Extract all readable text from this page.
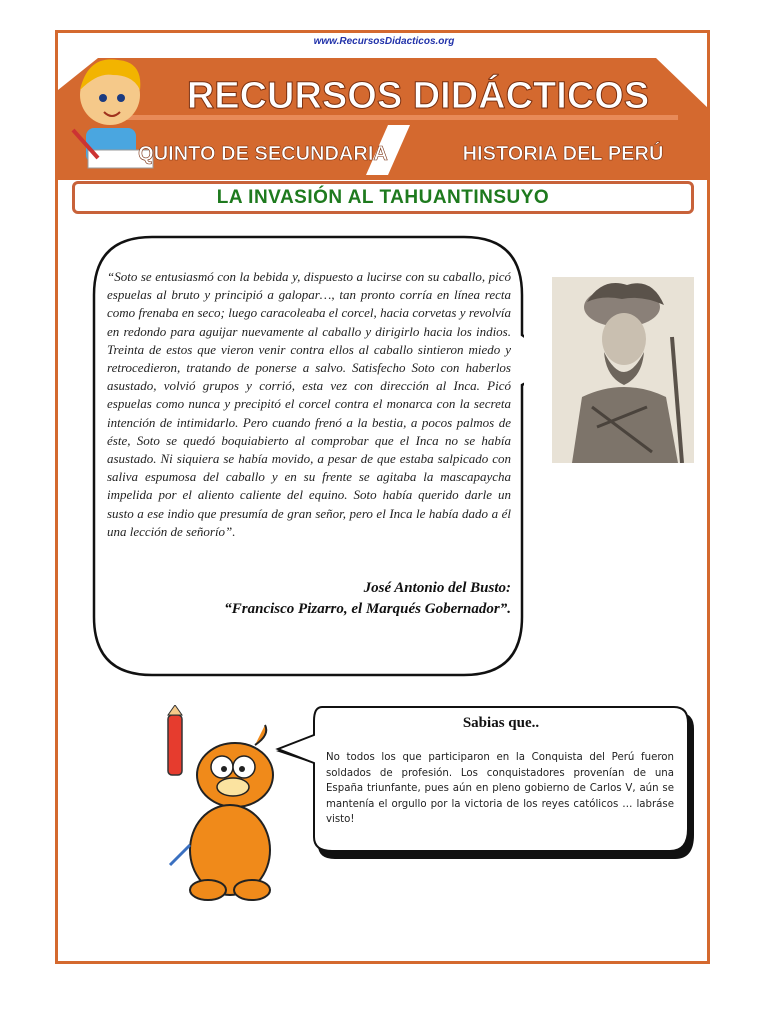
www.RecursosDidacticos.org
RECURSOS DIDÁCTICOS
QUINTO DE SECUNDARIA	HISTORIA DEL PERÚ
LA INVASIÓN AL TAHUANTINSUYO
“Soto se entusiasmó con la bebida y, dispuesto a lucirse con su caballo, picó espuelas al bruto y principió a galopar…, tan pronto corría en línea recta como frenaba en seco; luego caracoleaba el corcel, hacia corvetas y revolvía en redondo para aguijar nuevamente al caballo y dirigirlo hacia los indios. Treinta de estos que vieron venir contra ellos al caballo sintieron miedo y retrocedieron, tratando de ponerse a salvo. Satisfecho Soto con haberlos asustado, volvió grupos y corrió, esta vez con dirección al Inca. Picó espuelas como nunca y precipitó el corcel contra el monarca con la secreta intención de intimidarlo. Pero cuando frenó a la bestia, a pocos palmos de éste, Soto se quedó boquiabierto al comprobar que el Inca no se había asustado. Ni siquiera se había movido, a pesar de que estaba salpicado con saliva espumosa del caballo y en su frente se agitaba la mascapaycha impelida por el aliento caliente del equino. Soto había querido darle un susto a ese indio que presumía de gran señor, pero el Inca le había dado a él una lección de señorío”.
José Antonio del Busto:
“Francisco Pizarro, el Marqués Gobernador”.
Sabias que..
No todos los que participaron en la Conquista del Perú fueron soldados de profesión. Los conquistadores provenían de una España triunfante, pues aún en pleno gobierno de Carlos V, aún se mantenía el orgullo por la victoria de los reyes católicos … labráse visto!
